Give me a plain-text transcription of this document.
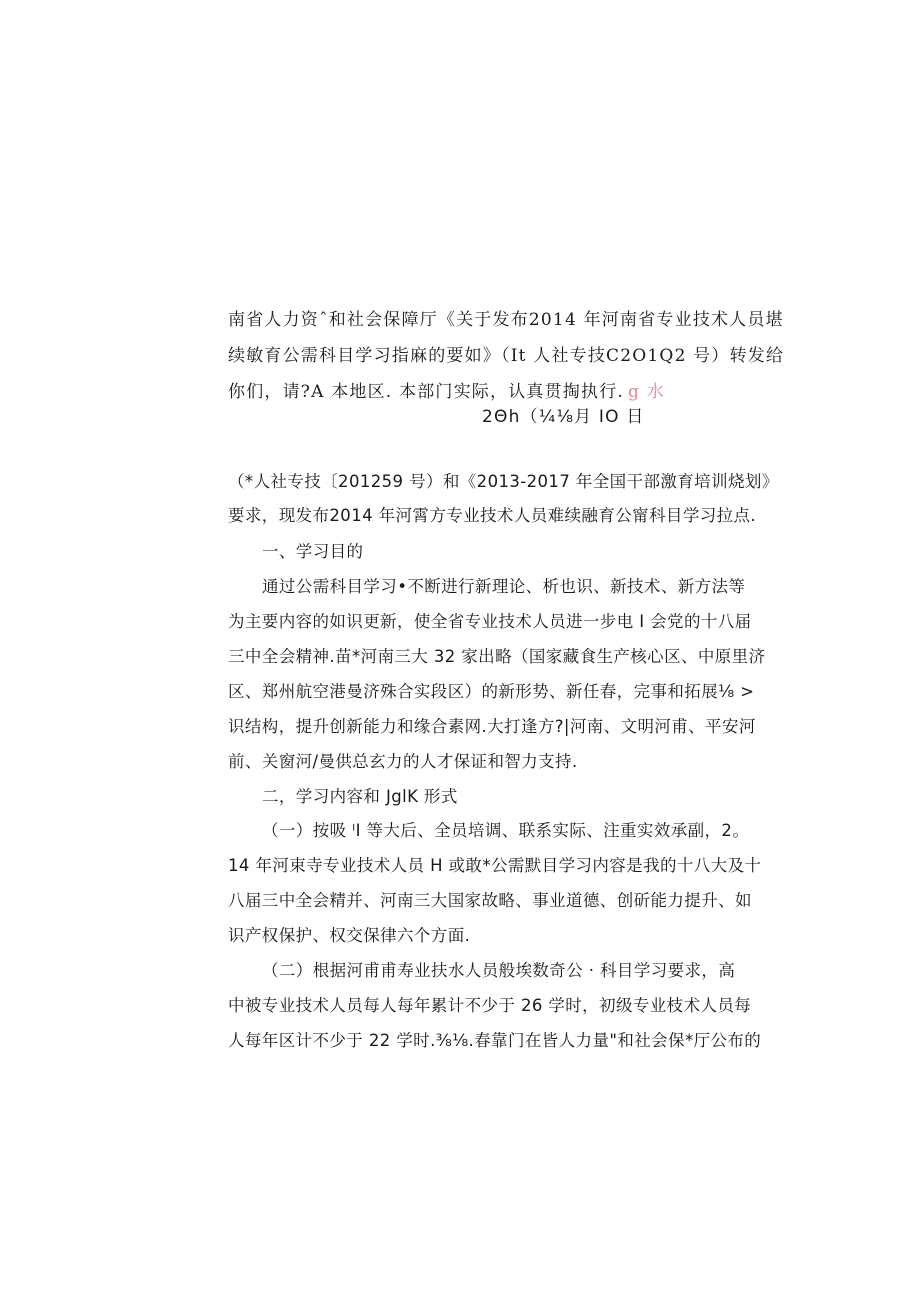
南省人力资ˆ和社会保障厅《关于发布2014 年河南省专业技术人员堪
续敏育公需科目学习指麻的要如》（It 人社专技C2O1Q2 号）转发给
你们，请?A 本地区. 本部门实际，认真贯掏执行. g 水
2Θh（¼⅛月 IO 日
（*人社专技〔201259 号）和《2013-2017 年全国干部激育培训烧划》
要求，现发布2014 年河霄方专业技术人员难续融育公甯科目学习拉点.
一、学习目的
通过公需科目学习•不断进行新理论、析也识、新技术、新方法等
为主要内容的如识更新，使全省专业技术人员进一步电 I 会党的十八届
三中全会精神.苗*河南三大 32 家出略（国家藏食生产核心区、中原里济
区、郑州航空港曼济殊合实段区）的新形势、新任春，完事和拓展⅛ >
识结构，提升创新能力和缘合素网.大打逢方?|河南、文明河甫、平安河
前、关窗河/曼供总玄力的人才保证和智力支持.
二，学习内容和 JglK 形式
（一）按吸 ᴵI 等大后、全员培调、联系实际、注重实效承副，2。
14 年河束寺专业技术人员 H 或敢*公需默目学习内容是我的十八大及十
八届三中全会精并、河南三大国家故略、事业道德、创斫能力提升、如
识产权保护、权交保律六个方面.
（二）根据河甫甫寿业扶水人员般埃数奇公 · 科目学习要求，高
中被专业技术人员每人每年累计不少于 26 学时，初级专业枝术人员每
人每年区计不少于 22 学时.⅜⅛.春靠门在皆人力量"和社会保*厅公布的
